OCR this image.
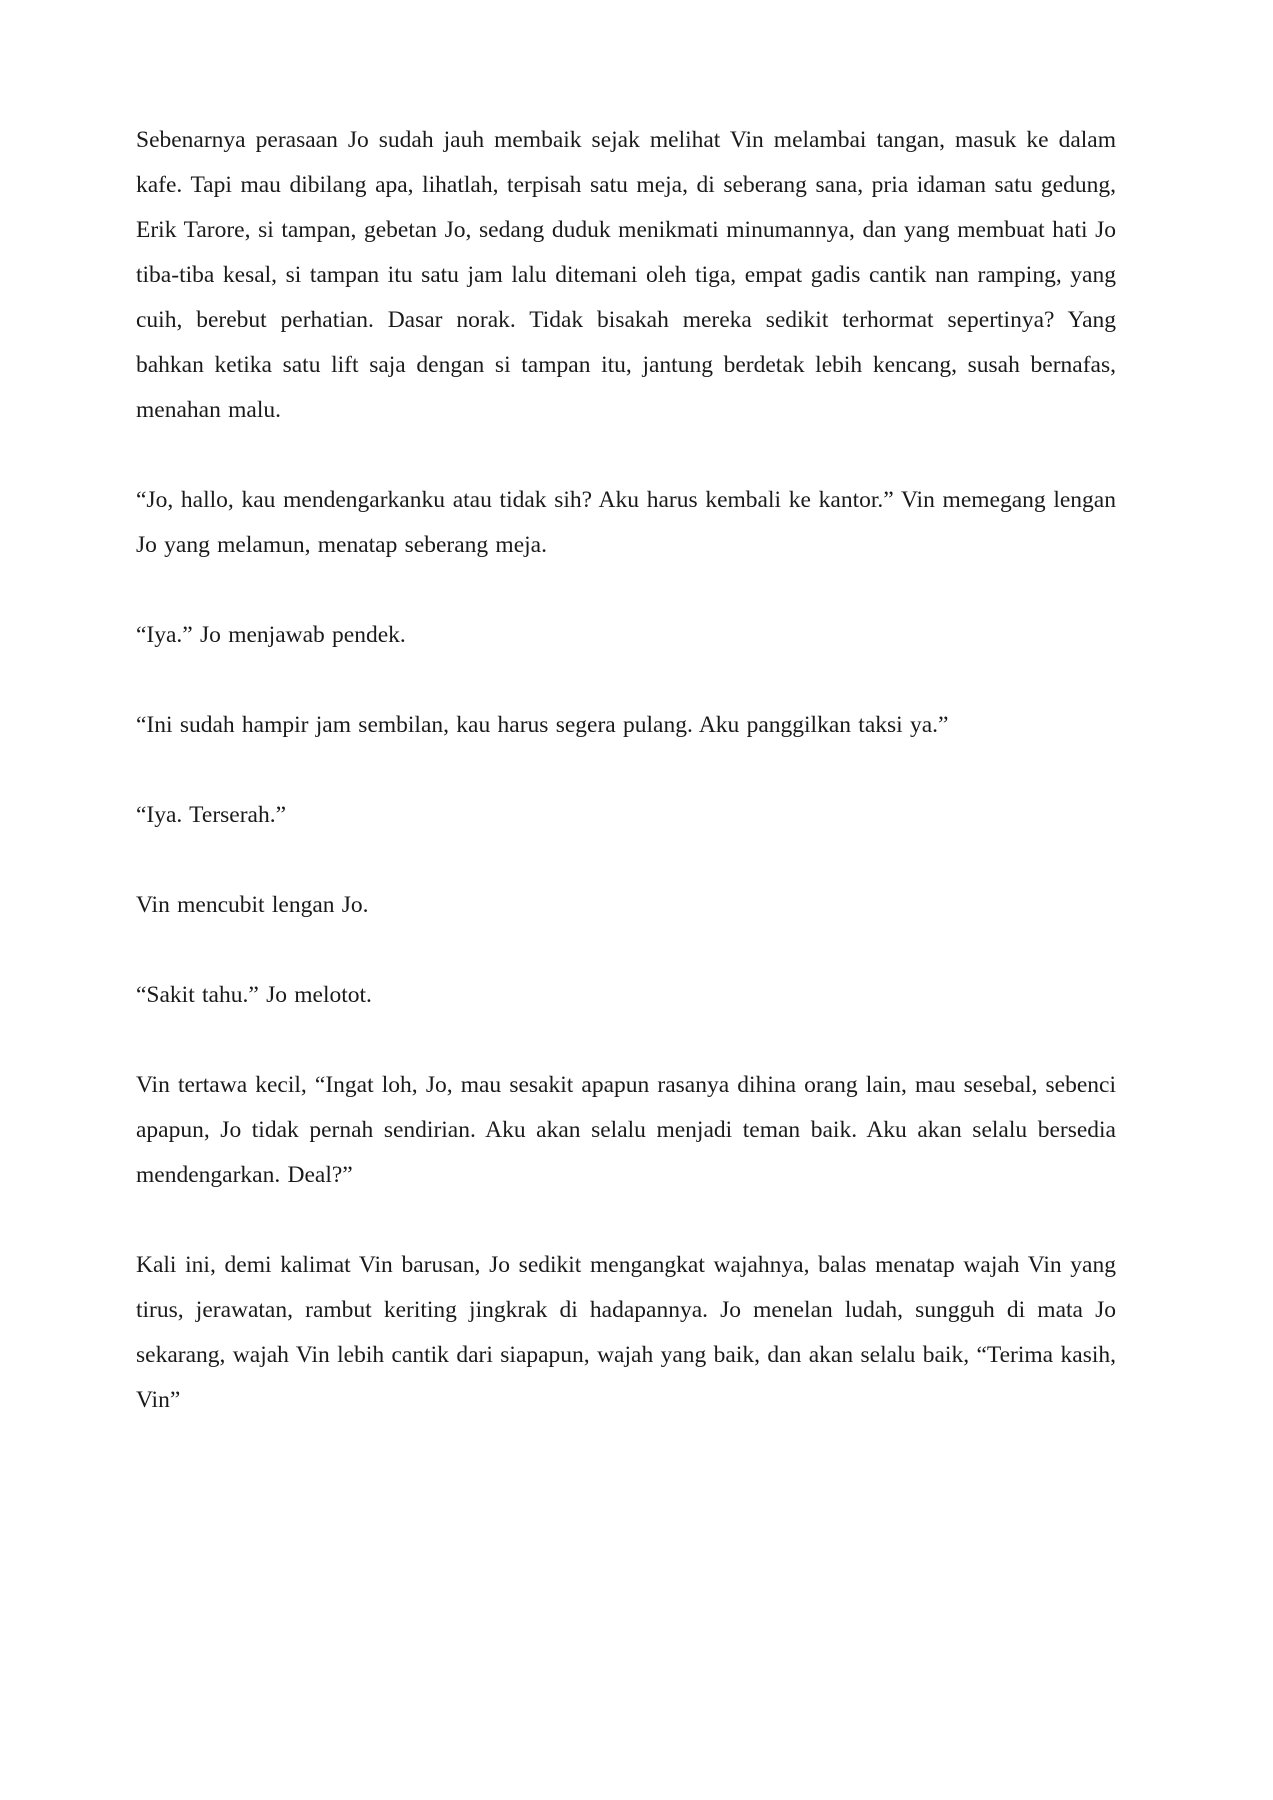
Sebenarnya perasaan Jo sudah jauh membaik sejak melihat Vin melambai tangan, masuk ke dalam kafe. Tapi mau dibilang apa, lihatlah, terpisah satu meja, di seberang sana, pria idaman satu gedung, Erik Tarore, si tampan, gebetan Jo, sedang duduk menikmati minumannya, dan yang membuat hati Jo tiba-tiba kesal, si tampan itu satu jam lalu ditemani oleh tiga, empat gadis cantik nan ramping, yang cuih, berebut perhatian. Dasar norak. Tidak bisakah mereka sedikit terhormat sepertinya? Yang bahkan ketika satu lift saja dengan si tampan itu, jantung berdetak lebih kencang, susah bernafas, menahan malu.

“Jo, hallo, kau mendengarkanku atau tidak sih? Aku harus kembali ke kantor.” Vin memegang lengan Jo yang melamun, menatap seberang meja.

“Iya.” Jo menjawab pendek.

“Ini sudah hampir jam sembilan, kau harus segera pulang. Aku panggilkan taksi ya.”

“Iya. Terserah.”

Vin mencubit lengan Jo.

“Sakit tahu.” Jo melotot.

Vin tertawa kecil, “Ingat loh, Jo, mau sesakit apapun rasanya dihina orang lain, mau sesebal, sebenci apapun, Jo tidak pernah sendirian. Aku akan selalu menjadi teman baik. Aku akan selalu bersedia mendengarkan. Deal?”

Kali ini, demi kalimat Vin barusan, Jo sedikit mengangkat wajahnya, balas menatap wajah Vin yang tirus, jerawatan, rambut keriting jingkrak di hadapannya. Jo menelan ludah, sungguh di mata Jo sekarang, wajah Vin lebih cantik dari siapapun, wajah yang baik, dan akan selalu baik, “Terima kasih, Vin”
